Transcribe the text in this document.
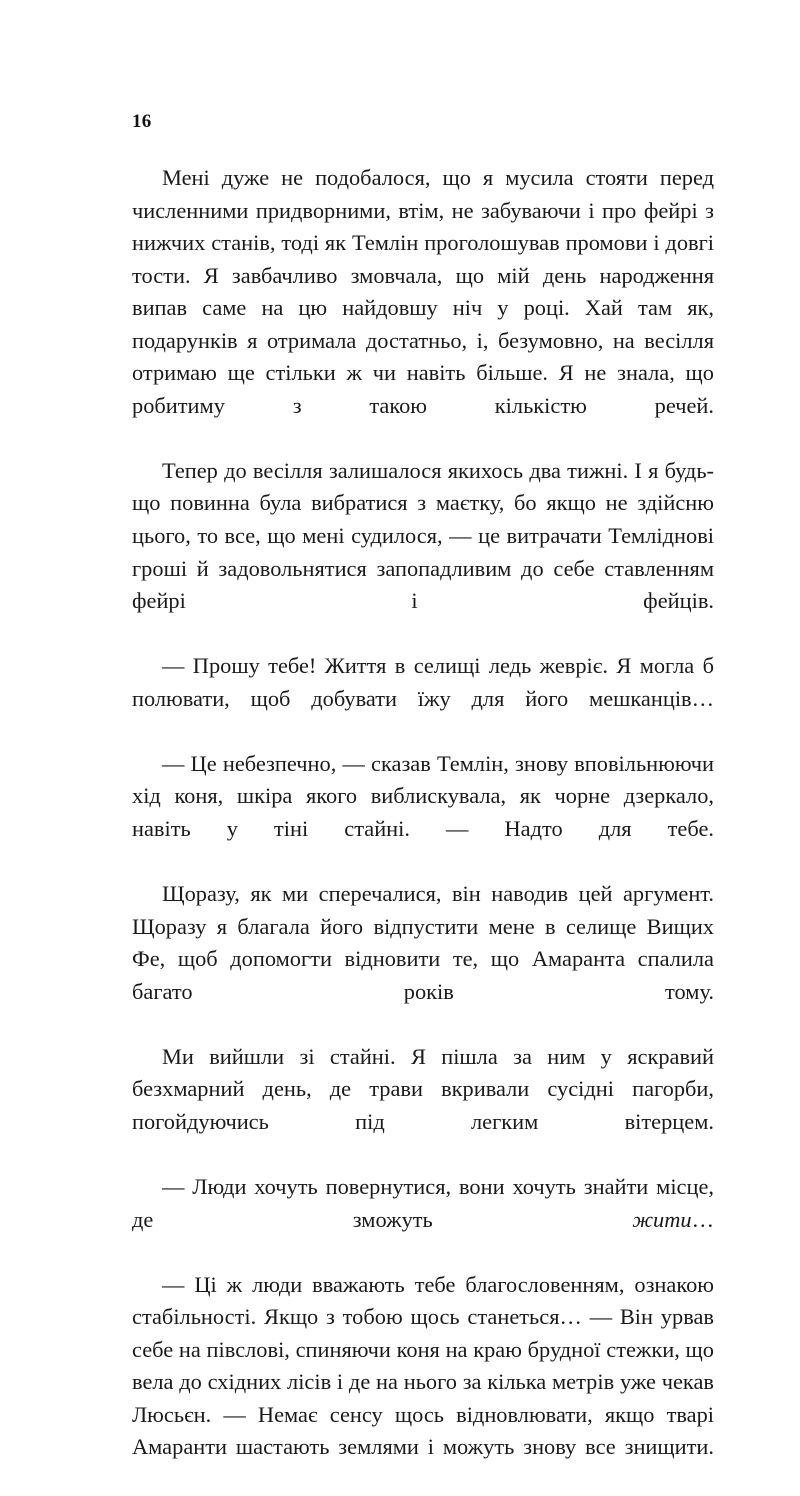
16

Мені дуже не подобалося, що я мусила стояти перед численними придворними, втім, не забуваючи і про фейрі з нижчих станів, тоді як Темлін проголошував промови і довгі тости. Я завбачливо змовчала, що мій день народження випав саме на цю найдовшу ніч у році. Хай там як, подарунків я отримала достатньо, і, безумовно, на весілля отримаю ще стільки ж чи навіть більше. Я не знала, що робитиму з такою кількістю речей.

Тепер до весілля залишалося якихось два тижні. І я будь-що повинна була вибратися з маєтку, бо якщо не здійсню цього, то все, що мені судилося, — це витрачати Темліднові гроші й задовольнятися запопадливим до себе ставленням фейрі і фейців.

— Прошу тебе! Життя в селищі ледь жевріє. Я могла б полювати, щоб добувати їжу для його мешканців…

— Це небезпечно, — сказав Темлін, знову вповільнюючи хід коня, шкіра якого виблискувала, як чорне дзеркало, навіть у тіні стайні. — Надто для тебе.

Щоразу, як ми сперечалися, він наводив цей аргумент. Щоразу я благала його відпустити мене в селище Вищих Фе, щоб допомогти відновити те, що Амаранта спалила багато років тому.

Ми вийшли зі стайні. Я пішла за ним у яскравий безхмарний день, де трави вкривали сусідні пагорби, погойдуючись під легким вітерцем.

— Люди хочуть повернутися, вони хочуть знайти місце, де зможуть жити…

— Ці ж люди вважають тебе благословенням, ознакою стабільності. Якщо з тобою щось станеться… — Він урвав себе на півслові, спиняючи коня на краю брудної стежки, що вела до східних лісів і де на нього за кілька метрів уже чекав Люсьєн. — Немає сенсу щось відновлювати, якщо тварі Амаранти шастають землями і можуть знову все знищити.
